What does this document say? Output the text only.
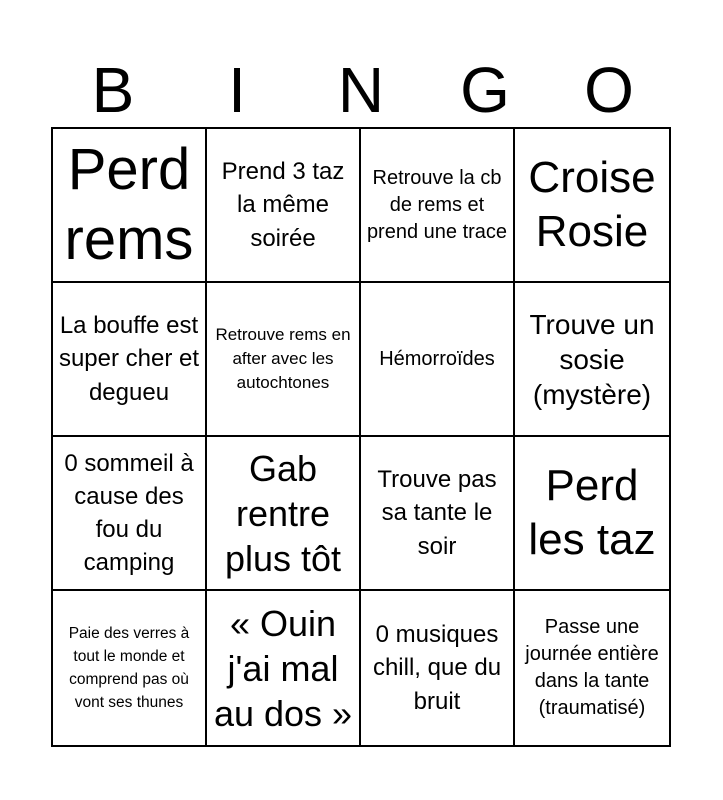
B	I	N	G	O
Perd rems
Prend 3 taz la même soirée
Retrouve la cb de rems et prend une trace
Croise Rosie
La bouffe est super cher et degueu
Retrouve rems en after avec les autochtones
Hémorroïdes
Trouve un sosie (mystère)
0 sommeil à cause des fou du camping
Gab rentre plus tôt
Trouve pas sa tante le soir
Perd les taz
Paie des verres à tout le monde et comprend pas où vont ses thunes
« Ouin j'ai mal au dos »
0 musiques chill, que du bruit
Passe une journée entière dans la tante (traumatisé)
